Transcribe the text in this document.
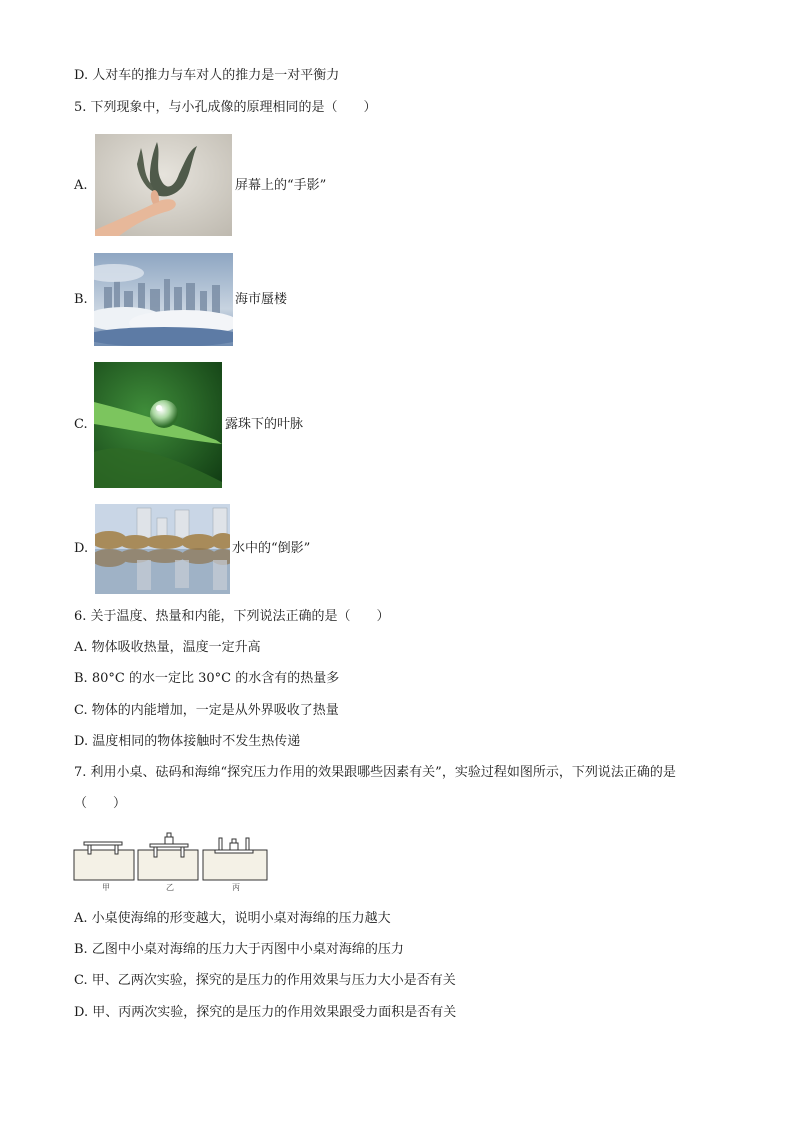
D. 人对车的推力与车对人的推力是一对平衡力
5. 下列现象中，与小孔成像的原理相同的是（　　）
A.	屏幕上的“手影”
B.	海市蜃楼
C.	露珠下的叶脉
D.	水中的“倒影”
6. 关于温度、热量和内能，下列说法正确的是（　　）
A. 物体吸收热量，温度一定升高
B. 80°C 的水一定比 30°C 的水含有的热量多
C. 物体的内能增加，一定是从外界吸收了热量
D. 温度相同的物体接触时不发生热传递
7. 利用小桌、砝码和海绵“探究压力作用的效果跟哪些因素有关”，实验过程如图所示，下列说法正确的是
（　　）
甲	乙	丙
A. 小桌使海绵的形变越大，说明小桌对海绵的压力越大
B. 乙图中小桌对海绵的压力大于丙图中小桌对海绵的压力
C. 甲、乙两次实验，探究的是压力的作用效果与压力大小是否有关
D. 甲、丙两次实验，探究的是压力的作用效果跟受力面积是否有关
